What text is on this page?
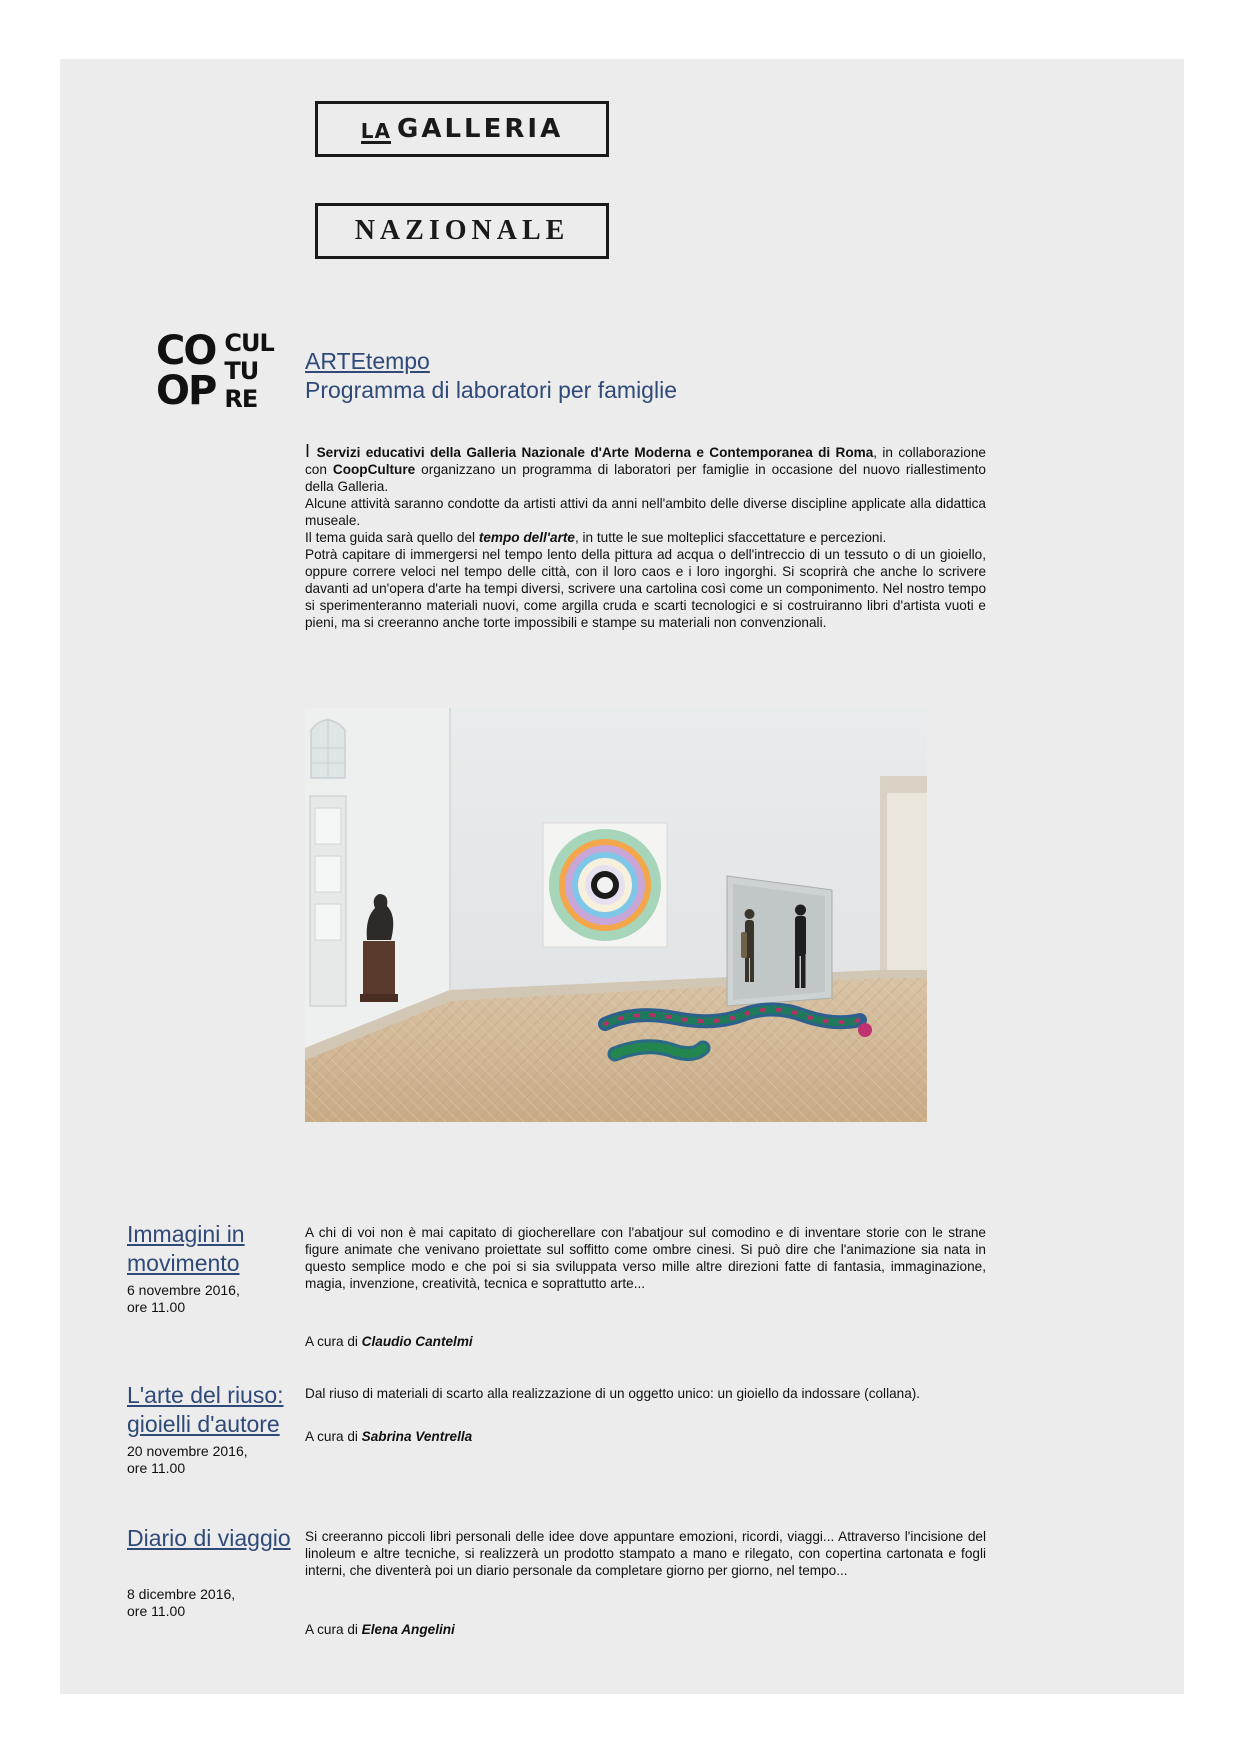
LA GALLERIA
NAZIONALE
CO
OP
CUL
TU
RE
ARTEtempo
Programma di laboratori per famiglie

I Servizi educativi della Galleria Nazionale d'Arte Moderna e Contemporanea di Roma, in collaborazione con CoopCulture organizzano un programma di laboratori per famiglie in occasione del nuovo riallestimento della Galleria.

Alcune attività saranno condotte da artisti attivi da anni nell'ambito delle diverse discipline applicate alla didattica museale.

Il tema guida sarà quello del tempo dell'arte, in tutte le sue molteplici sfaccettature e percezioni.

Potrà capitare di immergersi nel tempo lento della pittura ad acqua o dell'intreccio di un tessuto o di un gioiello, oppure correre veloci nel tempo delle città, con il loro caos e i loro ingorghi. Si scoprirà che anche lo scrivere davanti ad un'opera d'arte ha tempi diversi, scrivere una cartolina così come un componimento. Nel nostro tempo si sperimenteranno materiali nuovi, come argilla cruda e scarti tecnologici e si costruiranno libri d'artista vuoti e pieni, ma si creeranno anche torte impossibili e stampe su materiali non convenzionali.

Immagini in movimento
6 novembre 2016,
ore 11.00
A chi di voi non è mai capitato di giocherellare con l'abatjour sul comodino e di inventare storie con le strane figure animate che venivano proiettate sul soffitto come ombre cinesi. Si può dire che l'animazione sia nata in questo semplice modo e che poi si sia sviluppata verso mille altre direzioni fatte di fantasia, immaginazione, magia, invenzione, creatività, tecnica e soprattutto arte...
A cura di Claudio Cantelmi
L'arte del riuso: gioielli d'autore
20 novembre 2016,
ore 11.00
Dal riuso di materiali di scarto alla realizzazione di un oggetto unico: un gioiello da indossare (collana).
A cura di Sabrina Ventrella
Diario di viaggio
8 dicembre 2016,
ore 11.00
Si creeranno piccoli libri personali delle idee dove appuntare emozioni, ricordi, viaggi... Attraverso l'incisione del linoleum e altre tecniche, si realizzerà un prodotto stampato a mano e rilegato, con copertina cartonata e fogli interni, che diventerà poi un diario personale da completare giorno per giorno, nel tempo...
A cura di Elena Angelini
